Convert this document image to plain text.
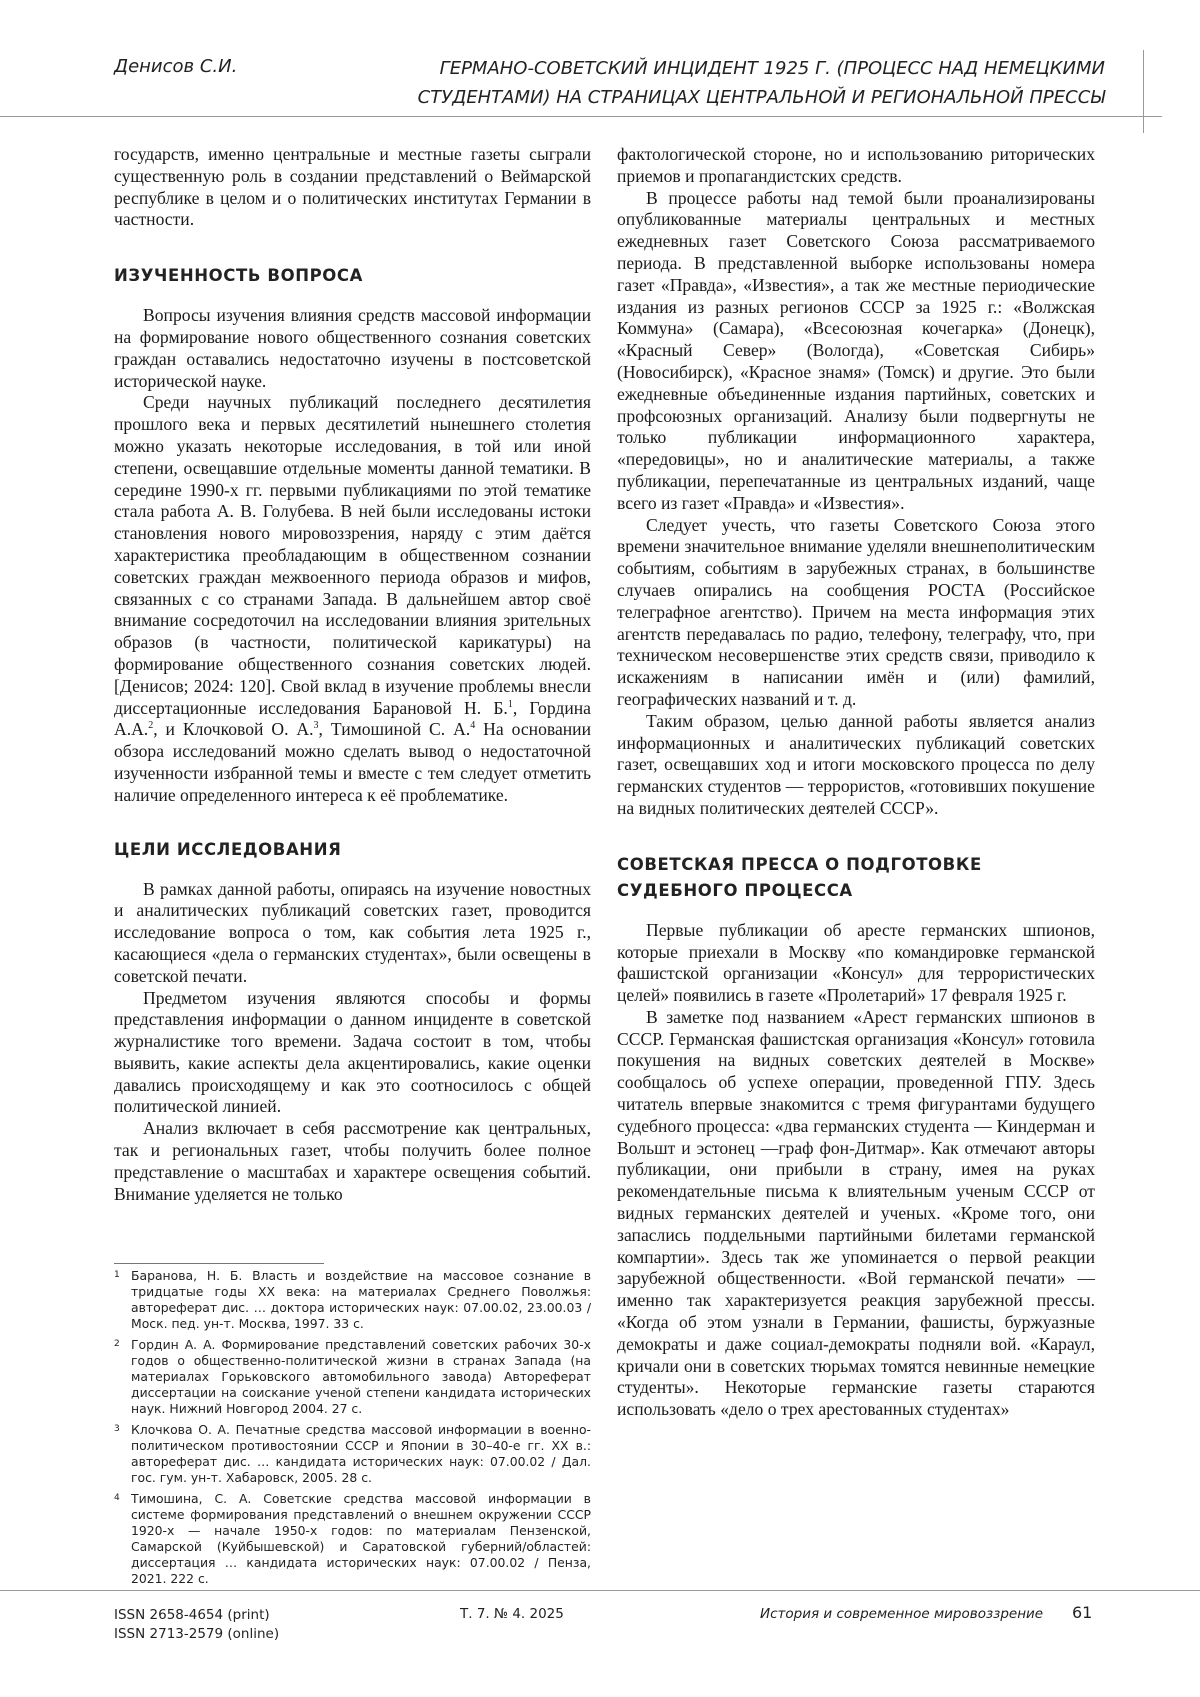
Денисов С.И.	ГЕРМАНО-СОВЕТСКИЙ ИНЦИДЕНТ 1925 Г. (ПРОЦЕСС НАД НЕМЕЦКИМИ
СТУДЕНТАМИ) НА СТРАНИЦАХ ЦЕНТРАЛЬНОЙ И РЕГИОНАЛЬНОЙ ПРЕССЫ

государств, именно центральные и местные газеты сыграли существенную роль в создании представлений о Веймарской республике в целом и о политических институтах Германии в частности.

ИЗУЧЕННОСТЬ ВОПРОСА

Вопросы изучения влияния средств массовой информации на формирование нового общественного сознания советских граждан оставались недостаточно изучены в постсоветской исторической науке.

Среди научных публикаций последнего десятилетия прошлого века и первых десятилетий нынешнего столетия можно указать некоторые исследования, в той или иной степени, освещавшие отдельные моменты данной тематики. В середине 1990-х гг. первыми публикациями по этой тематике стала работа А. В. Голубева. В ней были исследованы истоки становления нового мировоззрения, наряду с этим даётся характеристика преобладающим в общественном сознании советских граждан межвоенного периода образов и мифов, связанных с со странами Запада. В дальнейшем автор своё внимание сосредоточил на исследовании влияния зрительных образов (в частности, политической карикатуры) на формирование общественного сознания советских людей. [Денисов; 2024: 120]. Свой вклад в изучение проблемы внесли диссертационные исследования Барановой Н. Б.$^1$, Гордина А.А.$^2$, и Клочковой О. А.$^3$, Тимошиной С. А.$^4$ На основании обзора исследований можно сделать вывод о недостаточной изученности избранной темы и вместе с тем следует отметить наличие определенного интереса к её проблематике.

ЦЕЛИ ИССЛЕДОВАНИЯ

В рамках данной работы, опираясь на изучение новостных и аналитических публикаций советских газет, проводится исследование вопроса о том, как события лета 1925 г., касающиеся «дела о германских студентах», были освещены в советской печати.

Предметом изучения являются способы и формы представления информации о данном инциденте в советской журналистике того времени. Задача состоит в том, чтобы выявить, какие аспекты дела акцентировались, какие оценки давались происходящему и как это соотносилось с общей политической линией.

Анализ включает в себя рассмотрение как центральных, так и региональных газет, чтобы получить более полное представление о масштабах и характере освещения событий. Внимание уделяется не только

фактологической стороне, но и использованию риторических приемов и пропагандистских средств.

В процессе работы над темой были проанализированы опубликованные материалы центральных и местных ежедневных газет Советского Союза рассматриваемого периода. В представленной выборке использованы номера газет «Правда», «Известия», а так же местные периодические издания из разных регионов СССР за 1925 г.: «Волжская Коммуна» (Самара), «Всесоюзная кочегарка» (Донецк), «Красный Север» (Вологда), «Советская Сибирь» (Новосибирск), «Красное знамя» (Томск) и другие. Это были ежедневные объединенные издания партийных, советских и профсоюзных организаций. Анализу были подвергнуты не только публикации информационного характера, «передовицы», но и аналитические материалы, а также публикации, перепечатанные из центральных изданий, чаще всего из газет «Правда» и «Известия».

Следует учесть, что газеты Советского Союза этого времени значительное внимание уделяли внешнеполитическим событиям, событиям в зарубежных странах, в большинстве случаев опирались на сообщения РОСТА (Российское телеграфное агентство). Причем на места информация этих агентств передавалась по радио, телефону, телеграфу, что, при техническом несовершенстве этих средств связи, приводило к искажениям в написании имён и (или) фамилий, географических названий и т. д.

Таким образом, целью данной работы является анализ информационных и аналитических публикаций советских газет, освещавших ход и итоги московского процесса по делу германских студентов — террористов, «готовивших покушение на видных политических деятелей СССР».

СОВЕТСКАЯ ПРЕССА О ПОДГОТОВКЕ
СУДЕБНОГО ПРОЦЕССА

Первые публикации об аресте германских шпионов, которые приехали в Москву «по командировке германской фашистской организации «Консул» для террористических целей» появились в газете «Пролетарий» 17 февраля 1925 г.

В заметке под названием «Арест германских шпионов в СССР. Германская фашистская организация «Консул» готовила покушения на видных советских деятелей в Москве» сообщалось об успехе операции, проведенной ГПУ. Здесь читатель впервые знакомится с тремя фигурантами будущего судебного процесса: «два германских студента — Киндерман и Вольшт и эстонец —граф фон-Дитмар». Как отмечают авторы публикации, они прибыли в страну, имея на руках рекомендательные письма к влиятельным ученым СССР от видных германских деятелей и ученых. «Кроме того, они запаслись поддельными партийными билетами германской компартии». Здесь так же упоминается о первой реакции зарубежной общественности. «Вой германской печати» — именно так характеризуется реакция зарубежной прессы. «Когда об этом узнали в Германии, фашисты, буржуазные демократы и даже социал-демократы подняли вой. «Караул, кричали они в советских тюрьмах томятся невинные немецкие студенты». Некоторые германские газеты стараются использовать «дело о трех арестованных студентах»

1 Баранова, Н. Б. Власть и воздействие на массовое сознание в тридцатые годы XX века: на материалах Среднего Поволжья: автореферат дис. … доктора исторических наук: 07.00.02, 23.00.03 / Моск. пед. ун-т. Москва, 1997. 33 с.
2 Гордин А. А. Формирование представлений советских рабочих 30-х годов о общественно-политической жизни в странах Запада (на материалах Горьковского автомобильного завода) Автореферат диссертации на соискание ученой степени кандидата исторических наук. Нижний Новгород 2004. 27 с.
3 Клочкова О. А. Печатные средства массовой информации в военно-политическом противостоянии СССР и Японии в 30–40-е гг. XX в.: автореферат дис. … кандидата исторических наук: 07.00.02 / Дал. гос. гум. ун-т. Хабаровск, 2005. 28 с.
4 Тимошина, С. А. Советские средства массовой информации в системе формирования представлений о внешнем окружении СССР 1920-х — начале 1950-х годов: по материалам Пензенской, Самарской (Куйбышевской) и Саратовской губерний/областей: диссертация … кандидата исторических наук: 07.00.02 / Пенза, 2021. 222 с.
ISSN 2658-4654 (print)
ISSN 2713-2579 (online)
Т. 7. № 4. 2025	История и современное мировоззрение 61
